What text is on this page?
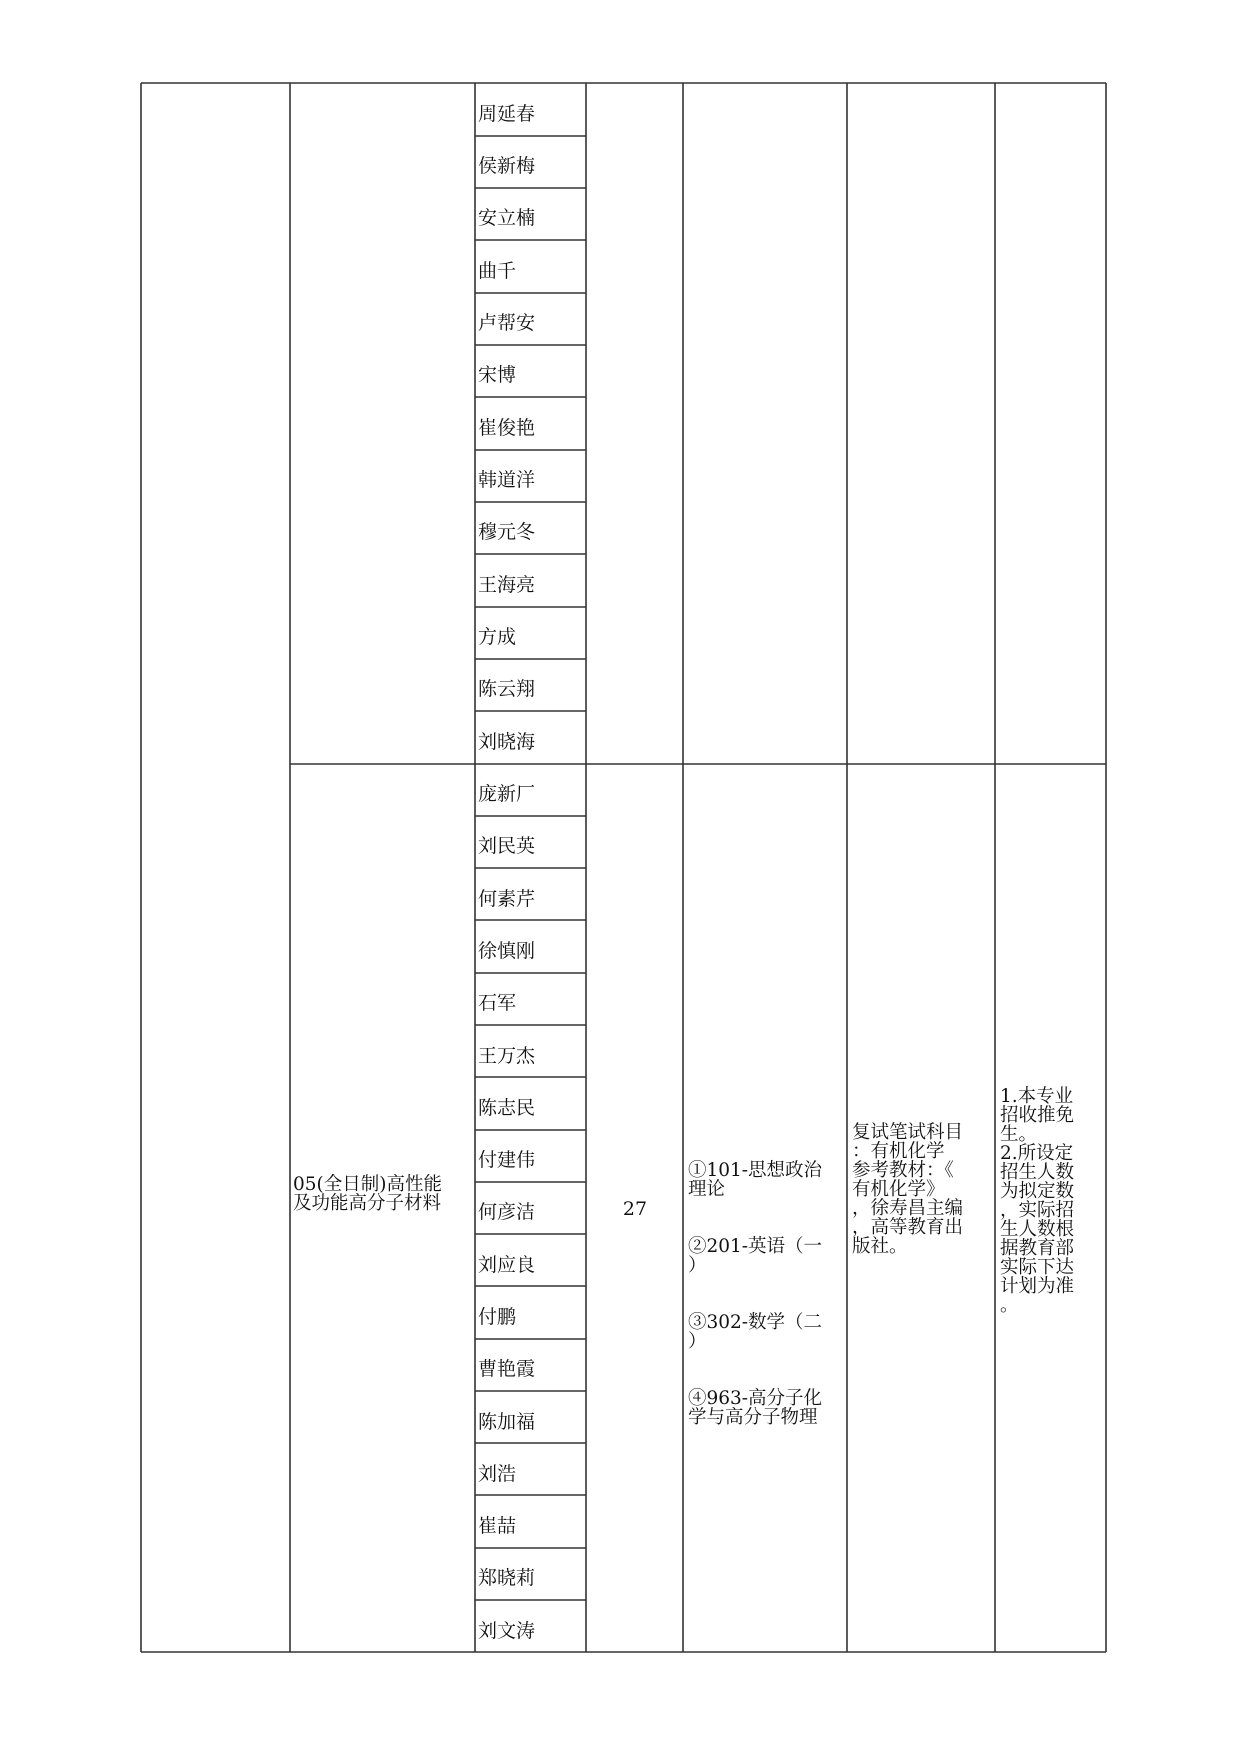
周延春
侯新梅
安立楠
曲千
卢帮安
宋博
崔俊艳
韩道洋
穆元冬
王海亮
方成
陈云翔
刘晓海
庞新厂
刘民英
何素芹
徐慎刚
石军
王万杰
陈志民
付建伟
何彦洁
刘应良
付鹏
曹艳霞
陈加福
刘浩
崔喆
郑晓莉
刘文涛
05(全日制)高性能
及功能高分子材料	27

①101-思想政治
理论

②201-英语（一
）

③302-数学（二
）

④963-高分子化
学与高分子物理

复试笔试科目
：有机化学
参考教材：《
有机化学》
，徐寿昌主编
，高等教育出
版社。
1.本专业
招收推免
生。
2.所设定
招生人数
为拟定数
，实际招
生人数根
据教育部
实际下达
计划为准
。
